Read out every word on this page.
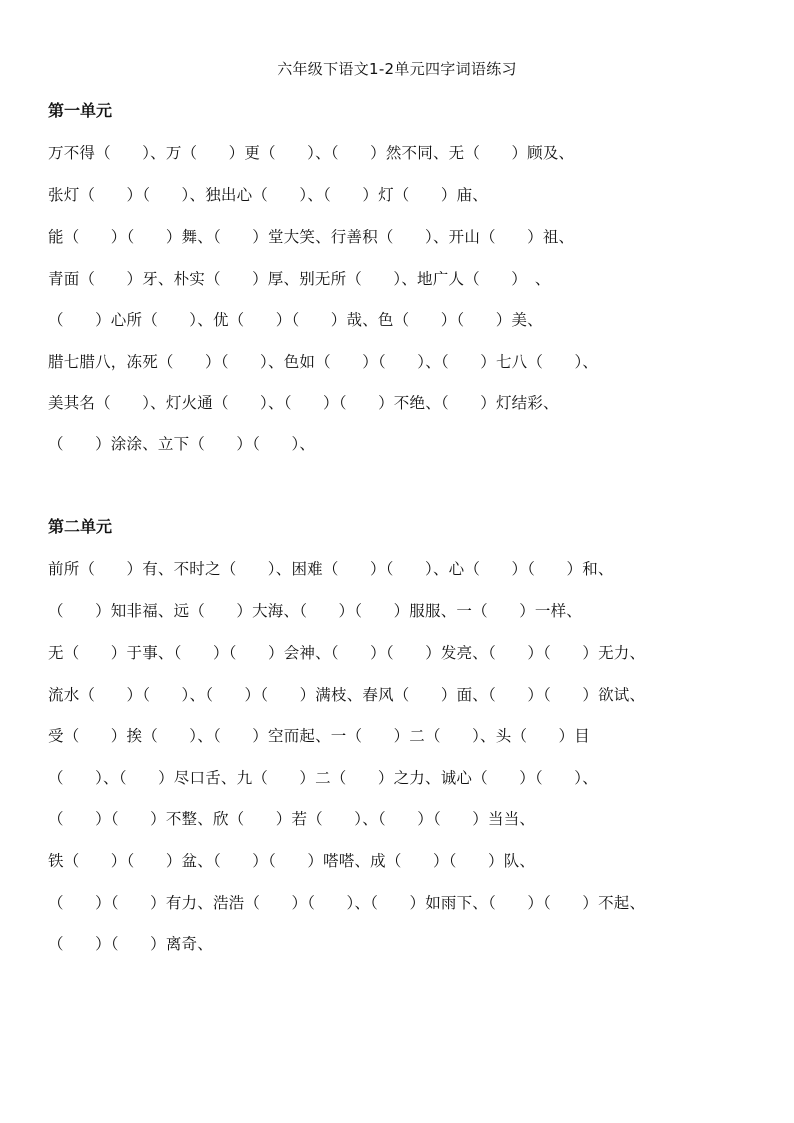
六年级下语文1-2单元四字词语练习
第一单元
万不得（　　）、万（　　）更（　　）、（　　）然不同、无（　　）顾及、
张灯（　　）（　　）、独出心（　　）、（　　）灯（　　）庙、
能（　　）（　　）舞、（　　）堂大笑、行善积（　　）、开山（　　）祖、
青面（　　）牙、朴实（　　）厚、别无所（　　）、地广人（　　）　、
（　　）心所（　　）、优（　　）（　　）哉、色（　　）（　　）美、
腊七腊八，冻死（　　）（　　）、色如（　　）（　　）、（　　）七八（　　）、
美其名（　　）、灯火通（　　）、（　　）（　　）不绝、（　　）灯结彩、
（　　）涂涂、立下（　　）（　　）、
第二单元
前所（　　）有、不时之（　　）、困难（　　）（　　）、心（　　）（　　）和、
（　　）知非福、远（　　）大海、（　　）（　　）服服、一（　　）一样、
无（　　）于事、（　　）（　　）会神、（　　）（　　）发亮、（　　）（　　）无力、
流水（　　）（　　）、（　　）（　　）满枝、春风（　　）面、（　　）（　　）欲试、
受（　　）挨（　　）、（　　）空而起、一（　　）二（　　）、头（　　）目
（　　）、（　　）尽口舌、九（　　）二（　　）之力、诚心（　　）（　　）、
（　　）（　　）不整、欣（　　）若（　　）、（　　）（　　）当当、
铁（　　）（　　）盆、（　　）（　　）嗒嗒、成（　　）（　　）队、
（　　）（　　）有力、浩浩（　　）（　　）、（　　）如雨下、（　　）（　　）不起、
（　　）（　　）离奇、
